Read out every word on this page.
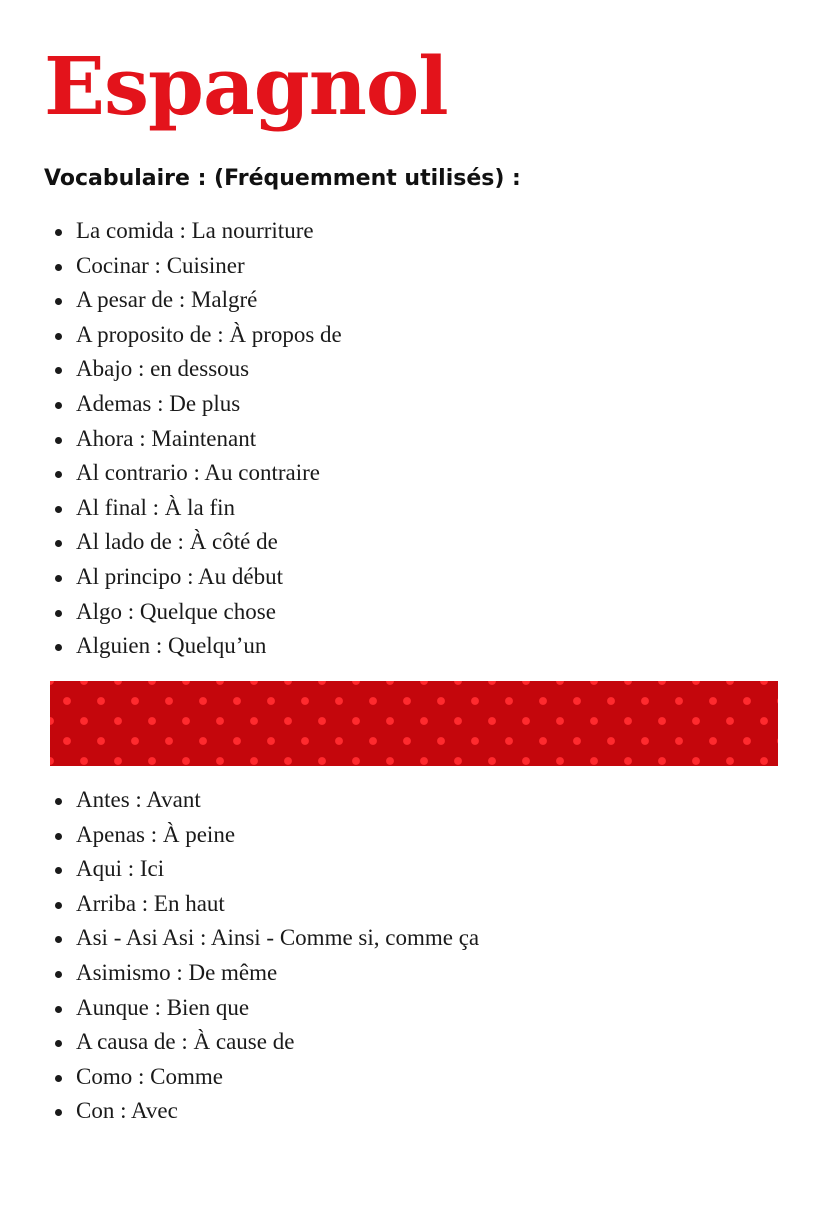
Espagnol
Vocabulaire : (Fréquemment utilisés) :
La comida : La nourriture
Cocinar : Cuisiner
A pesar de : Malgré
A proposito de : À propos de
Abajo : en dessous
Ademas : De plus
Ahora : Maintenant
Al contrario : Au contraire
Al final : À la fin
Al lado de : À côté de
Al principo : Au début
Algo : Quelque chose
Alguien : Quelqu’un
Antes : Avant
Apenas : À peine
Aqui : Ici
Arriba : En haut
Asi - Asi Asi : Ainsi - Comme si, comme ça
Asimismo : De même
Aunque : Bien que
A causa de : À cause de
Como : Comme
Con : Avec
